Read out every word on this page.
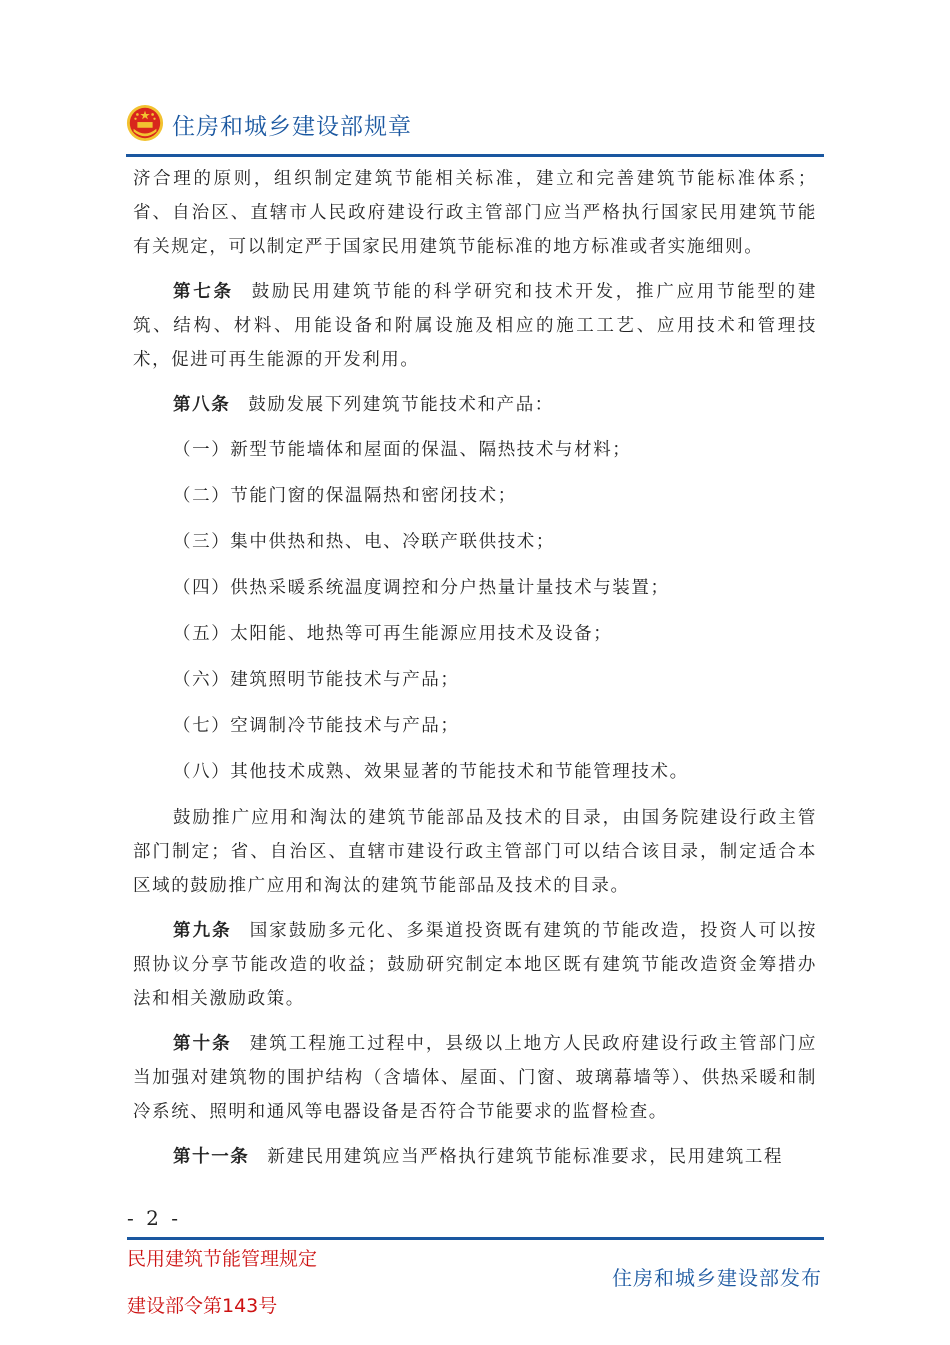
住房和城乡建设部规章

济合理的原则，组织制定建筑节能相关标准，建立和完善建筑节能标准体系；省、自治区、直辖市人民政府建设行政主管部门应当严格执行国家民用建筑节能有关规定，可以制定严于国家民用建筑节能标准的地方标准或者实施细则。

第七条 鼓励民用建筑节能的科学研究和技术开发，推广应用节能型的建筑、结构、材料、用能设备和附属设施及相应的施工工艺、应用技术和管理技术，促进可再生能源的开发利用。

第八条 鼓励发展下列建筑节能技术和产品：

（一）新型节能墙体和屋面的保温、隔热技术与材料；
（二）节能门窗的保温隔热和密闭技术；
（三）集中供热和热、电、冷联产联供技术；
（四）供热采暖系统温度调控和分户热量计量技术与装置；
（五）太阳能、地热等可再生能源应用技术及设备；
（六）建筑照明节能技术与产品；
（七）空调制冷节能技术与产品；
（八）其他技术成熟、效果显著的节能技术和节能管理技术。

鼓励推广应用和淘汰的建筑节能部品及技术的目录，由国务院建设行政主管部门制定；省、自治区、直辖市建设行政主管部门可以结合该目录，制定适合本区域的鼓励推广应用和淘汰的建筑节能部品及技术的目录。

第九条 国家鼓励多元化、多渠道投资既有建筑的节能改造，投资人可以按照协议分享节能改造的收益；鼓励研究制定本地区既有建筑节能改造资金筹措办法和相关激励政策。

第十条 建筑工程施工过程中，县级以上地方人民政府建设行政主管部门应当加强对建筑物的围护结构（含墙体、屋面、门窗、玻璃幕墙等）、供热采暖和制冷系统、照明和通风等电器设备是否符合节能要求的监督检查。

第十一条 新建民用建筑应当严格执行建筑节能标准要求，民用建筑工程

- 2 -
民用建筑节能管理规定
建设部令第143号
住房和城乡建设部发布
